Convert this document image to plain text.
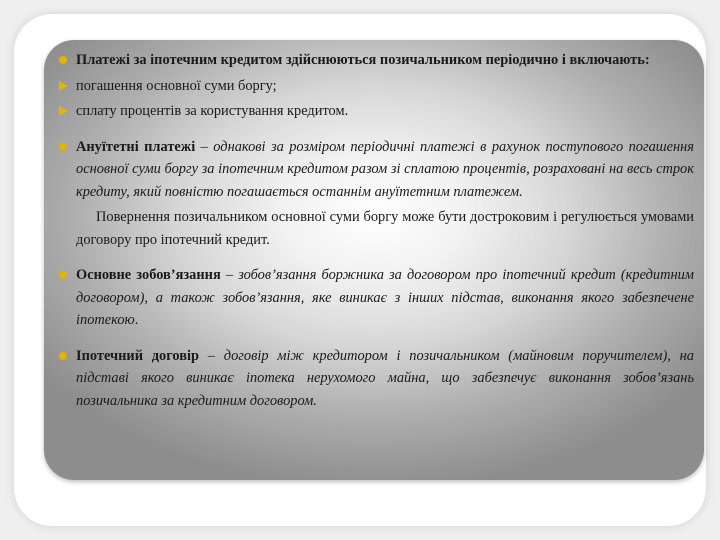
Платежі за іпотечним кредитом здійснюються позичальником періодично і включають:
погашення основної суми боргу;
сплату процентів за користування кредитом.
Ануїтетні платежі – однакові за розміром періодичні платежі в рахунок поступового погашення основної суми боргу за іпотечним кредитом разом зі сплатою процентів, розраховані на весь строк кредиту, який повністю погашається останнім ануїтетним платежем.
Повернення позичальником основної суми боргу може бути достроковим і регулюється умовами договору про іпотечний кредит.
Основне зобов’язання – зобов’язання боржника за договором про іпотечний кредит (кредитним договором), а також зобов’язання, яке виникає з інших підстав, виконання якого забезпечене іпотекою.
Іпотечний договір – договір між кредитором і позичальником (майновим поручителем), на підставі якого виникає іпотека нерухомого майна, що забезпечує виконання зобов’язань позичальника за кредитним договором.
